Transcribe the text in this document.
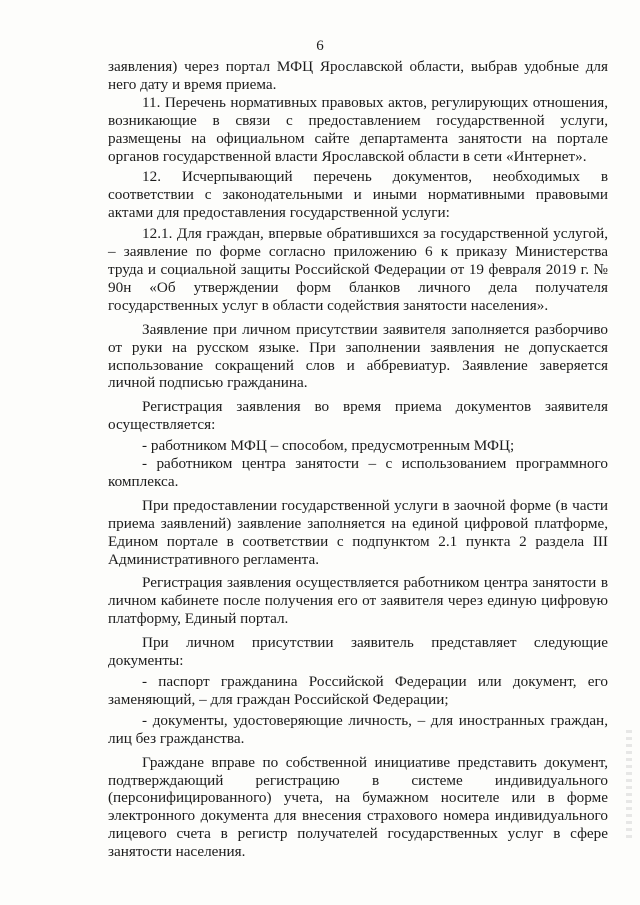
6

заявления) через портал МФЦ Ярославской области, выбрав удобные для него дату и время приема.

11. Перечень нормативных правовых актов, регулирующих отношения, возникающие в связи с предоставлением государственной услуги, размещены на официальном сайте департамента занятости на портале органов государственной власти Ярославской области в сети «Интернет».

12. Исчерпывающий перечень документов, необходимых в соответствии с законодательными и иными нормативными правовыми актами для предоставления государственной услуги:

12.1. Для граждан, впервые обратившихся за государственной услугой, – заявление по форме согласно приложению 6 к приказу Министерства труда и социальной защиты Российской Федерации от 19 февраля 2019 г. № 90н «Об утверждении форм бланков личного дела получателя государственных услуг в области содействия занятости населения».

Заявление при личном присутствии заявителя заполняется разборчиво от руки на русском языке. При заполнении заявления не допускается использование сокращений слов и аббревиатур. Заявление заверяется личной подписью гражданина.

Регистрация заявления во время приема документов заявителя осуществляется:

- работником МФЦ – способом, предусмотренным МФЦ;

- работником центра занятости – с использованием программного комплекса.

При предоставлении государственной услуги в заочной форме (в части приема заявлений) заявление заполняется на единой цифровой платформе, Едином портале в соответствии с подпунктом 2.1 пункта 2 раздела III Административного регламента.

Регистрация заявления осуществляется работником центра занятости в личном кабинете после получения его от заявителя через единую цифровую платформу, Единый портал.

При личном присутствии заявитель представляет следующие документы:

- паспорт гражданина Российской Федерации или документ, его заменяющий, – для граждан Российской Федерации;

- документы, удостоверяющие личность, – для иностранных граждан, лиц без гражданства.

Граждане вправе по собственной инициативе представить документ, подтверждающий регистрацию в системе индивидуального (персонифицированного) учета, на бумажном носителе или в форме электронного документа для внесения страхового номера индивидуального лицевого счета в регистр получателей государственных услуг в сфере занятости населения.
